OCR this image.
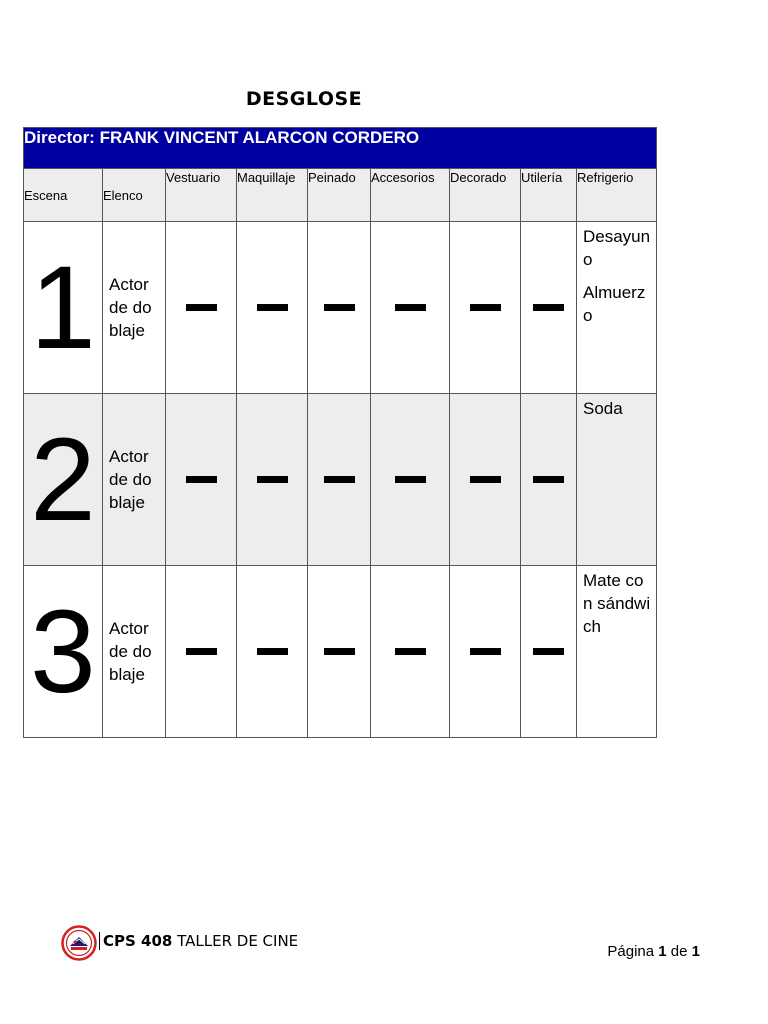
DESGLOSE
Director: FRANK VINCENT ALARCON CORDERO								
Escena	Elenco	Vestuario	Maquillaje	Peinado	Accesorios	Decorado	Utilería	Refrigerio
1	Actor de doblaje							Desayuno

Almuerzo

2	Actor de doblaje							Soda

3	Actor de doblaje							Mate con sándwich

CPS 408 TALLER DE CINE
Página 1 de 1
